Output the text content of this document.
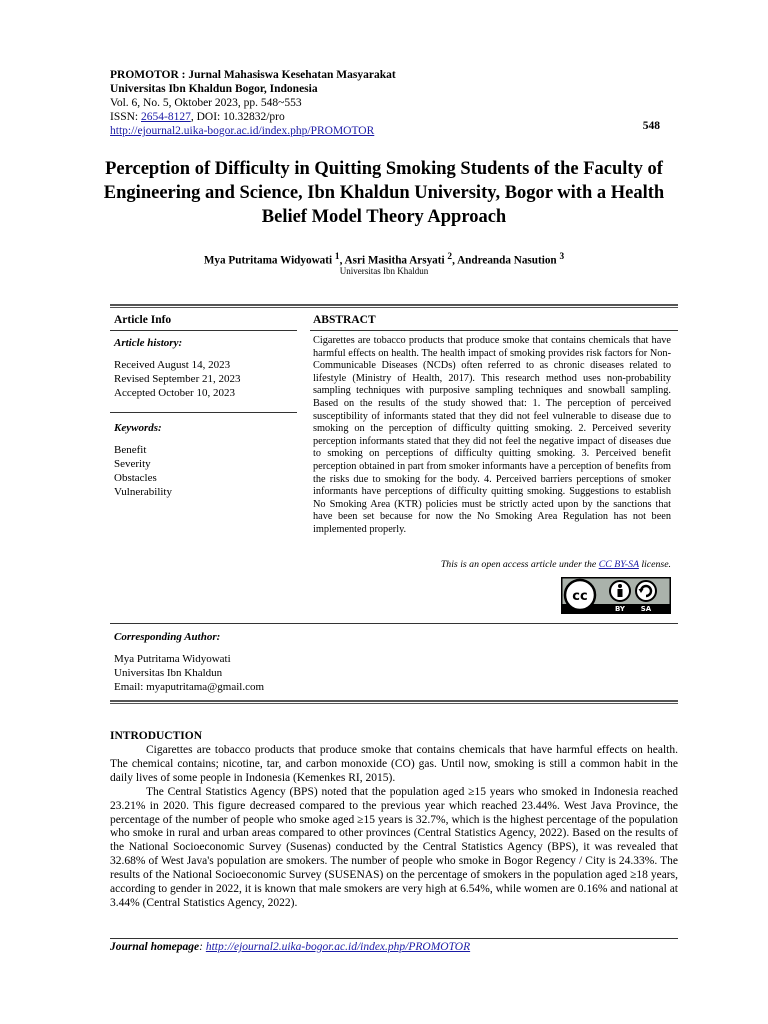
PROMOTOR : Jurnal Mahasiswa Kesehatan Masyarakat
Universitas Ibn Khaldun Bogor, Indonesia
Vol. 6, No. 5, Oktober 2023, pp. 548~553
ISSN: 2654-8127, DOI: 10.32832/pro
http://ejournal2.uika-bogor.ac.id/index.php/PROMOTOR	548
Perception of Difficulty in Quitting Smoking Students of the Faculty of Engineering and Science, Ibn Khaldun University, Bogor with a Health Belief Model Theory Approach
Mya Putritama Widyowati $^1$, Asri Masitha Arsyati $^2$, Andreanda Nasution $^3$
Universitas Ibn Khaldun
Article Info
Article history:
Received August 14, 2023
Revised September 21, 2023
Accepted October 10, 2023
Keywords:
Benefit
Severity
Obstacles
Vulnerability
ABSTRACT
Cigarettes are tobacco products that produce smoke that contains chemicals that have harmful effects on health. The health impact of smoking provides risk factors for Non-Communicable Diseases (NCDs) often referred to as chronic diseases related to lifestyle (Ministry of Health, 2017). This research method uses non-probability sampling techniques with purposive sampling techniques and snowball sampling. Based on the results of the study showed that: 1. The perception of perceived susceptibility of informants stated that they did not feel vulnerable to disease due to smoking on the perception of difficulty quitting smoking. 2. Perceived severity perception informants stated that they did not feel the negative impact of diseases due to smoking on perceptions of difficulty quitting smoking. 3. Perceived benefit perception obtained in part from smoker informants have a perception of benefits from the risks due to smoking for the body. 4. Perceived barriers perceptions of smoker informants have perceptions of difficulty quitting smoking. Suggestions to establish No Smoking Area (KTR) policies must be strictly acted upon by the sanctions that have been set because for now the No Smoking Area Regulation has not been implemented properly.
This is an open access article under the CC BY-SA license.
cc
BY SA
Corresponding Author:
Mya Putritama Widyowati
Universitas Ibn Khaldun
Email: myaputritama@gmail.com
INTRODUCTION

Cigarettes are tobacco products that produce smoke that contains chemicals that have harmful effects on health. The chemical contains; nicotine, tar, and carbon monoxide (CO) gas. Until now, smoking is still a common habit in the daily lives of some people in Indonesia (Kemenkes RI, 2015).

The Central Statistics Agency (BPS) noted that the population aged ≥15 years who smoked in Indonesia reached 23.21% in 2020. This figure decreased compared to the previous year which reached 23.44%. West Java Province, the percentage of the number of people who smoke aged ≥15 years is 32.7%, which is the highest percentage of the population who smoke in rural and urban areas compared to other provinces (Central Statistics Agency, 2022). Based on the results of the National Socioeconomic Survey (Susenas) conducted by the Central Statistics Agency (BPS), it was revealed that 32.68% of West Java's population are smokers. The number of people who smoke in Bogor Regency / City is 24.33%. The results of the National Socioeconomic Survey (SUSENAS) on the percentage of smokers in the population aged ≥18 years, according to gender in 2022, it is known that male smokers are very high at 6.54%, while women are 0.16% and national at 3.44% (Central Statistics Agency, 2022).

Journal homepage: http://ejournal2.uika-bogor.ac.id/index.php/PROMOTOR
